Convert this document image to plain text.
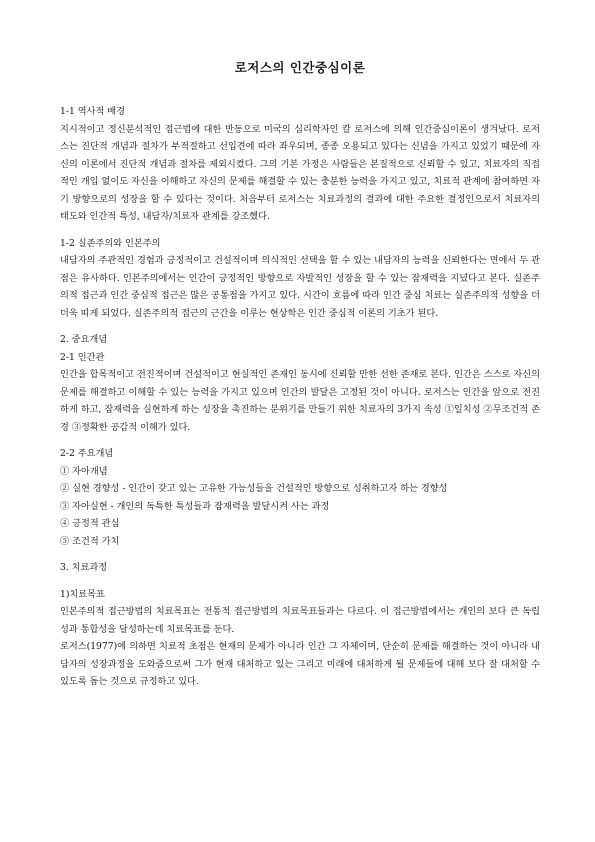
로저스의 인간중심이론

1-1 역사적 배경

지시적이고 정신분석적인 접근법에 대한 반동으로 미국의 심리학자인 칼 로저스에 의해 인간중심이론이 생겨났다. 로저스는 진단적 개념과 절차가 부적절하고 선입견에 따라 좌우되며, 종종 오용되고 있다는 신념을 가지고 있었기 때문에 자신의 이론에서 진단적 개념과 절차를 제외시켰다. 그의 기본 가정은 사람들은 본질적으로 신뢰할 수 있고, 치료자의 직접적인 개입 없이도 자신을 이해하고 자신의 문제를 해결할 수 있는 충분한 능력을 가지고 있고, 치료적 관계에 참여하면 자기 방향으로의 성장을 할 수 있다는 것이다. 처음부터 로저스는 치료과정의 결과에 대한 주요한 결정인으로서 치료자의 태도와 인간적 특성, 내담자/치료자 관계를 강조했다.

1-2 실존주의와 인본주의

내담자의 주관적인 경험과 긍정적이고 건설적이며 의식적인 선택을 할 수 있는 내담자의 능력을 신뢰한다는 면에서 두 관점은 유사하다. 인본주의에서는 인간이 긍정적인 방향으로 자발적인 성장을 할 수 있는 잠재력을 지녔다고 본다. 실존주의적 접근과 인간 중심적 접근은 많은 공통점을 가지고 있다. 시간이 흐름에 따라 인간 중심 치료는 실존주의적 성향을 더더욱 띠게 되었다. 실존주의적 접근의 근간을 이루는 현상학은 인간 중심적 이론의 기초가 된다.

2. 중요개념

2-1 인간관

인간을 합목적이고 전진적이며 건설적이고 현실적인 존재인 동시에 신뢰할 만한 선한 존재로 본다. 인간은 스스로 자신의 문제를 해결하고 이해할 수 있는 능력을 가지고 있으며 인간의 발달은 고정된 것이 아니다. 로저스는 인간을 앞으로 전진하게 하고, 잠재력을 실현하게 하는 성장을 촉진하는 분위기를 만들기 위한 치료자의 3가지 속성 ①일치성 ②무조건적 존경 ③정확한 공감적 이해가 있다.

2-2 주요개념

① 자아개념

② 실현 경향성 - 인간이 갖고 있는 고유한 가능성들을 건설적인 방향으로 성취하고자 하는 경향성

③ 자아실현 - 개인의 독특한 특성들과 잠재력을 발달시켜 사는 과정

④ 긍정적 관심

⑤ 조건적 가치

3. 치료과정

1)치료목표

인본주의적 접근방법의 치료목표는 전통적 접근방법의 치료목표들과는 다르다. 이 접근방법에서는 개인의 보다 큰 독립성과 통합성을 달성하는데 치료목표를 둔다.

로저스(1977)에 의하면 치료적 초점은 현재의 문제가 아니라 인간 그 자체이며, 단순히 문제를 해결하는 것이 아니라 내담자의 성장과정을 도와줌으로써 그가 현재 대처하고 있는 그리고 미래에 대처하게 될 문제들에 대해 보다 잘 대처할 수 있도록 돕는 것으로 규정하고 있다.
